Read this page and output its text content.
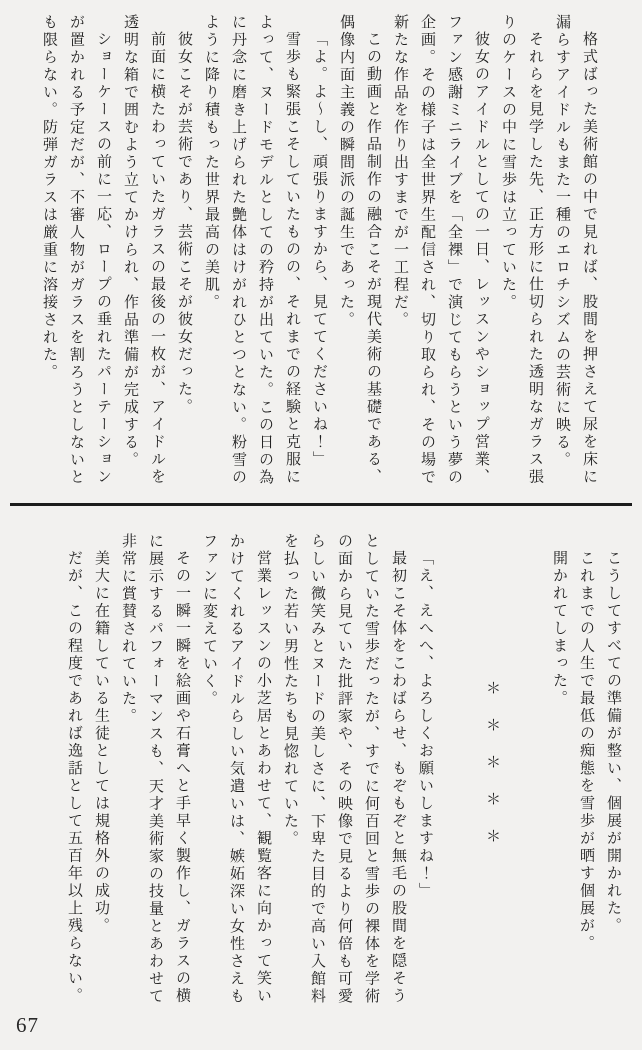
格式ばった美術館の中で見れば、股間を押さえて尿を床に漏らすアイドルもまた一種のエロチシズムの芸術に映る。

それらを見学した先、正方形に仕切られた透明なガラス張りのケースの中に雪歩は立っていた。

彼女のアイドルとしての一日、レッスンやショップ営業、ファン感謝ミニライブを「全裸」で演じてもらうという夢の企画。その様子は全世界生配信され、切り取られ、その場で新たな作品を作り出すまでが一工程だ。

この動画と作品制作の融合こそが現代美術の基礎である、偶像内面主義の瞬間派の誕生であった。

「よ。よ～し、頑張りますから、見ててくださいね！」

雪歩も緊張こそしていたものの、それまでの経験と克服によって、ヌードモデルとしての矜持が出ていた。この日の為に丹念に磨き上げられた艶体はけがれひとつとない。粉雪のように降り積もった世界最高の美肌。

彼女こそが芸術であり、芸術こそが彼女だった。

前面に横たわっていたガラスの最後の一枚が、アイドルを透明な箱で囲むよう立てかけられ、作品準備が完成する。

ショーケースの前に一応、ロープの垂れたパーテーションが置かれる予定だが、不審人物がガラスを割ろうとしないとも限らない。防弾ガラスは厳重に溶接された。

こうしてすべての準備が整い、個展が開かれた。

これまでの人生で最低の痴態を雪歩が晒す個展が。

開かれてしまった。

＊＊＊＊＊

「え、えへへ、よろしくお願いしますね！」

最初こそ体をこわばらせ、もぞもぞと無毛の股間を隠そうとしていた雪歩だったが、すでに何百回と雪歩の裸体を学術の面から見ていた批評家や、その映像で見るより何倍も可愛らしい微笑みとヌードの美しさに、下卑た目的で高い入館料を払った若い男性たちも見惚れていた。

営業レッスンの小芝居とあわせて、観覧客に向かって笑いかけてくれるアイドルらしい気遣いは、嫉妬深い女性さえもファンに変えていく。

その一瞬一瞬を絵画や石膏へと手早く製作し、ガラスの横に展示するパフォーマンスも、天才美術家の技量とあわせて非常に賞賛されていた。

美大に在籍している生徒としては規格外の成功。

だが、この程度であれば逸話として五百年以上残らない。

67
